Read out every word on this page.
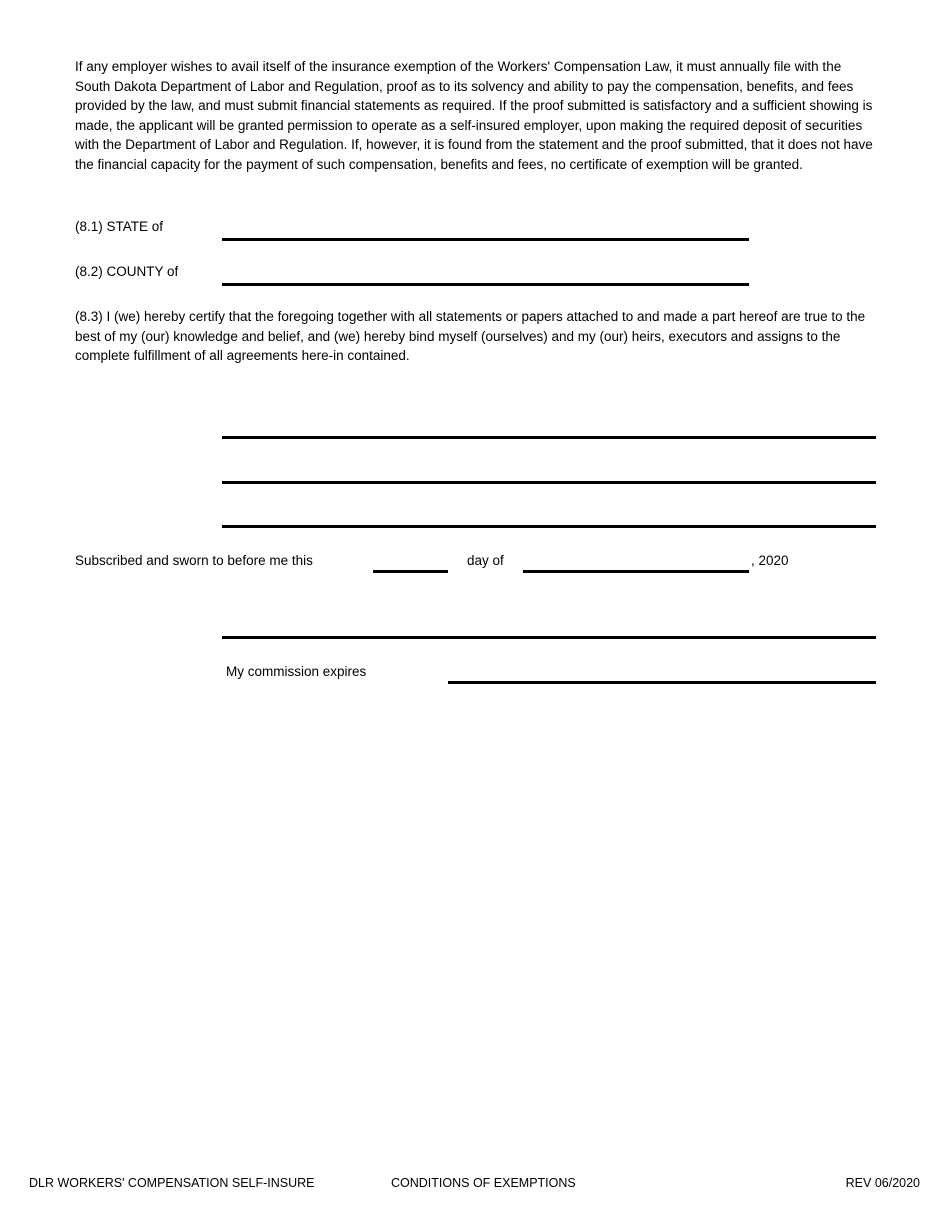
If any employer wishes to avail itself of the insurance exemption of the Workers' Compensation Law, it must annually file with the South Dakota Department of Labor and Regulation, proof as to its solvency and ability to pay the compensation, benefits, and fees provided by the law, and must submit financial statements as required. If the proof submitted is satisfactory and a sufficient showing is made, the applicant will be granted permission to operate as a self-insured employer, upon making the required deposit of securities with the Department of Labor and Regulation. If, however, it is found from the statement and the proof submitted, that it does not have the financial capacity for the payment of such compensation, benefits and fees, no certificate of exemption will be granted.

(8.1) STATE of
(8.2) COUNTY of

(8.3) I (we) hereby certify that the foregoing together with all statements or papers attached to and made a part hereof are true to the best of my (our) knowledge and belief, and (we) hereby bind myself (ourselves) and my (our) heirs, executors and assigns to the complete fulfillment of all agreements here-in contained.

Subscribed and sworn to before me this	day of	, 2020
My commission expires
DLR WORKERS' COMPENSATION SELF-INSURE	CONDITIONS OF EXEMPTIONS	REV 06/2020
